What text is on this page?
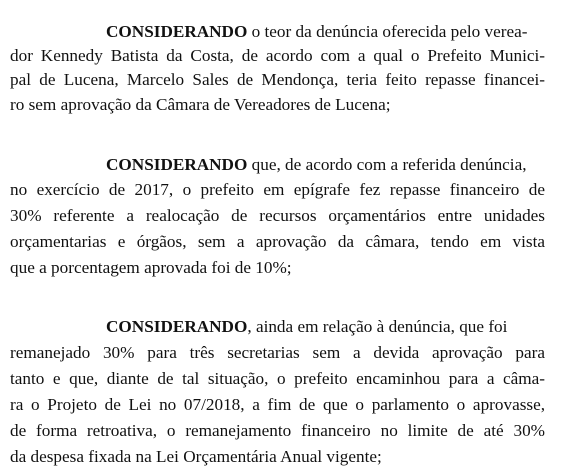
CONSIDERANDO o teor da denúncia oferecida pelo verea-
dor Kennedy Batista da Costa, de acordo com a qual o Prefeito Munici-
pal de Lucena, Marcelo Sales de Mendonça, teria feito repasse financei-
ro sem aprovação da Câmara de Vereadores de Lucena;
CONSIDERANDO que, de acordo com a referida denúncia,
no exercício de 2017, o prefeito em epígrafe fez repasse financeiro de
30% referente a realocação de recursos orçamentários entre unidades
orçamentarias e órgãos, sem a aprovação da câmara, tendo em vista
que a porcentagem aprovada foi de 10%;
CONSIDERANDO, ainda em relação à denúncia, que foi
remanejado 30% para três secretarias sem a devida aprovação para
tanto e que, diante de tal situação, o prefeito encaminhou para a câma-
ra o Projeto de Lei no 07/2018, a fim de que o parlamento o aprovasse,
de forma retroativa, o remanejamento financeiro no limite de até 30%
da despesa fixada na Lei Orçamentária Anual vigente;
